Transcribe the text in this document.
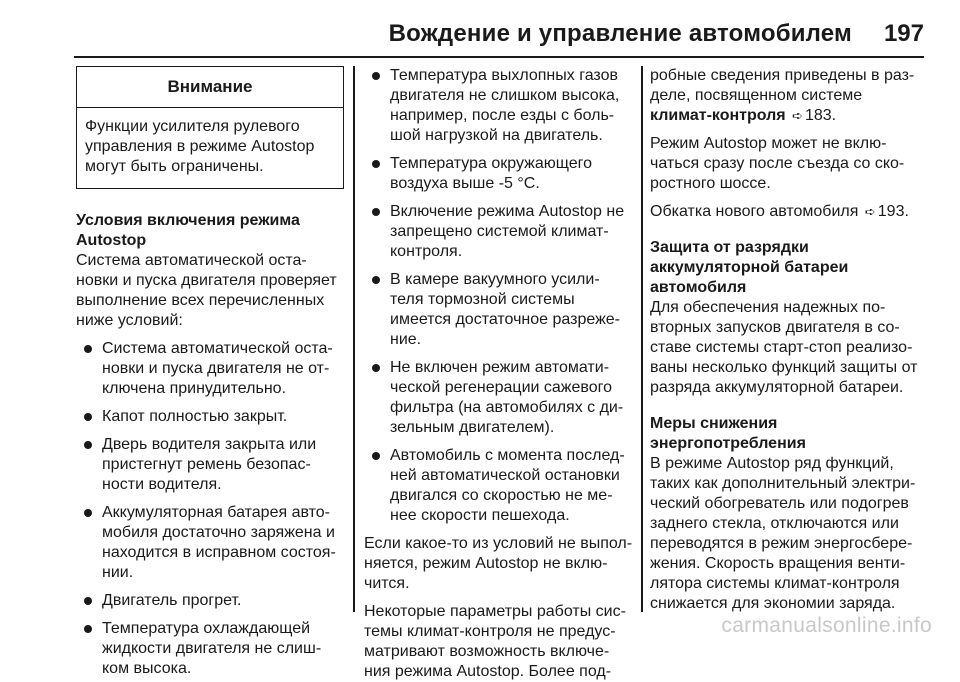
Вождение и управление автомобилем 197
Внимание
Функции усилителя рулевого
управления в режиме Autostop
могут быть ограничены.
Условия включения режима
Autostop
Система автоматической оста-
новки и пуска двигателя проверяет
выполнение всех перечисленных
ниже условий:
Система автоматической оста-
новки и пуска двигателя не от-
ключена принудительно.
Капот полностью закрыт.
Дверь водителя закрыта или
пристегнут ремень безопас-
ности водителя.
Аккумуляторная батарея авто-
мобиля достаточно заряжена и
находится в исправном состоя-
нии.
Двигатель прогрет.
Температура охлаждающей
жидкости двигателя не слиш-
ком высока.
Температура выхлопных газов
двигателя не слишком высока,
например, после езды с боль-
шой нагрузкой на двигатель.
Температура окружающего
воздуха выше -5 °C.
Включение режима Autostop не
запрещено системой климат-
контроля.
В камере вакуумного усили-
теля тормозной системы
имеется достаточное разреже-
ние.
Не включен режим автомати-
ческой регенерации сажевого
фильтра (на автомобилях с ди-
зельным двигателем).
Автомобиль с момента послед-
ней автоматической остановки
двигался со скоростью не ме-
нее скорости пешехода.
Если какое-то из условий не выпол-
няется, режим Autostop не вклю-
чится.
Некоторые параметры работы сис-
темы климат-контроля не предус-
матривают возможность включе-
ния режима Autostop. Более под-
робные сведения приведены в раз-
деле, посвященном системе
климат-контроля ➪ 183.
Режим Autostop может не вклю-
чаться сразу после съезда со ско-
ростного шоссе.
Обкатка нового автомобиля ➪ 193.
Защита от разрядки
аккумуляторной батареи
автомобиля
Для обеспечения надежных по-
вторных запусков двигателя в со-
ставе системы старт-стоп реализо-
ваны несколько функций защиты от
разряда аккумуляторной батареи.
Меры снижения
энергопотребления
В режиме Autostop ряд функций,
таких как дополнительный электри-
ческий обогреватель или подогрев
заднего стекла, отключаются или
переводятся в режим энергосбере-
жения. Скорость вращения венти-
лятора системы климат-контроля
снижается для экономии заряда.
carmanualsonline.info
